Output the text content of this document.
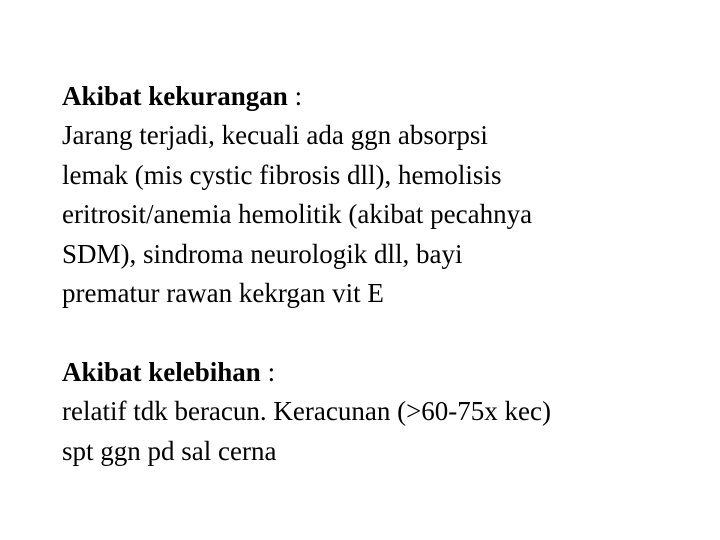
Akibat kekurangan :
Jarang terjadi, kecuali ada ggn absorpsi
lemak (mis cystic fibrosis dll), hemolisis
eritrosit/anemia hemolitik (akibat pecahnya
SDM), sindroma neurologik dll, bayi
prematur rawan kekrgan vit E
Akibat kelebihan :
relatif tdk beracun. Keracunan (>60-75x kec)
spt ggn pd sal cerna
